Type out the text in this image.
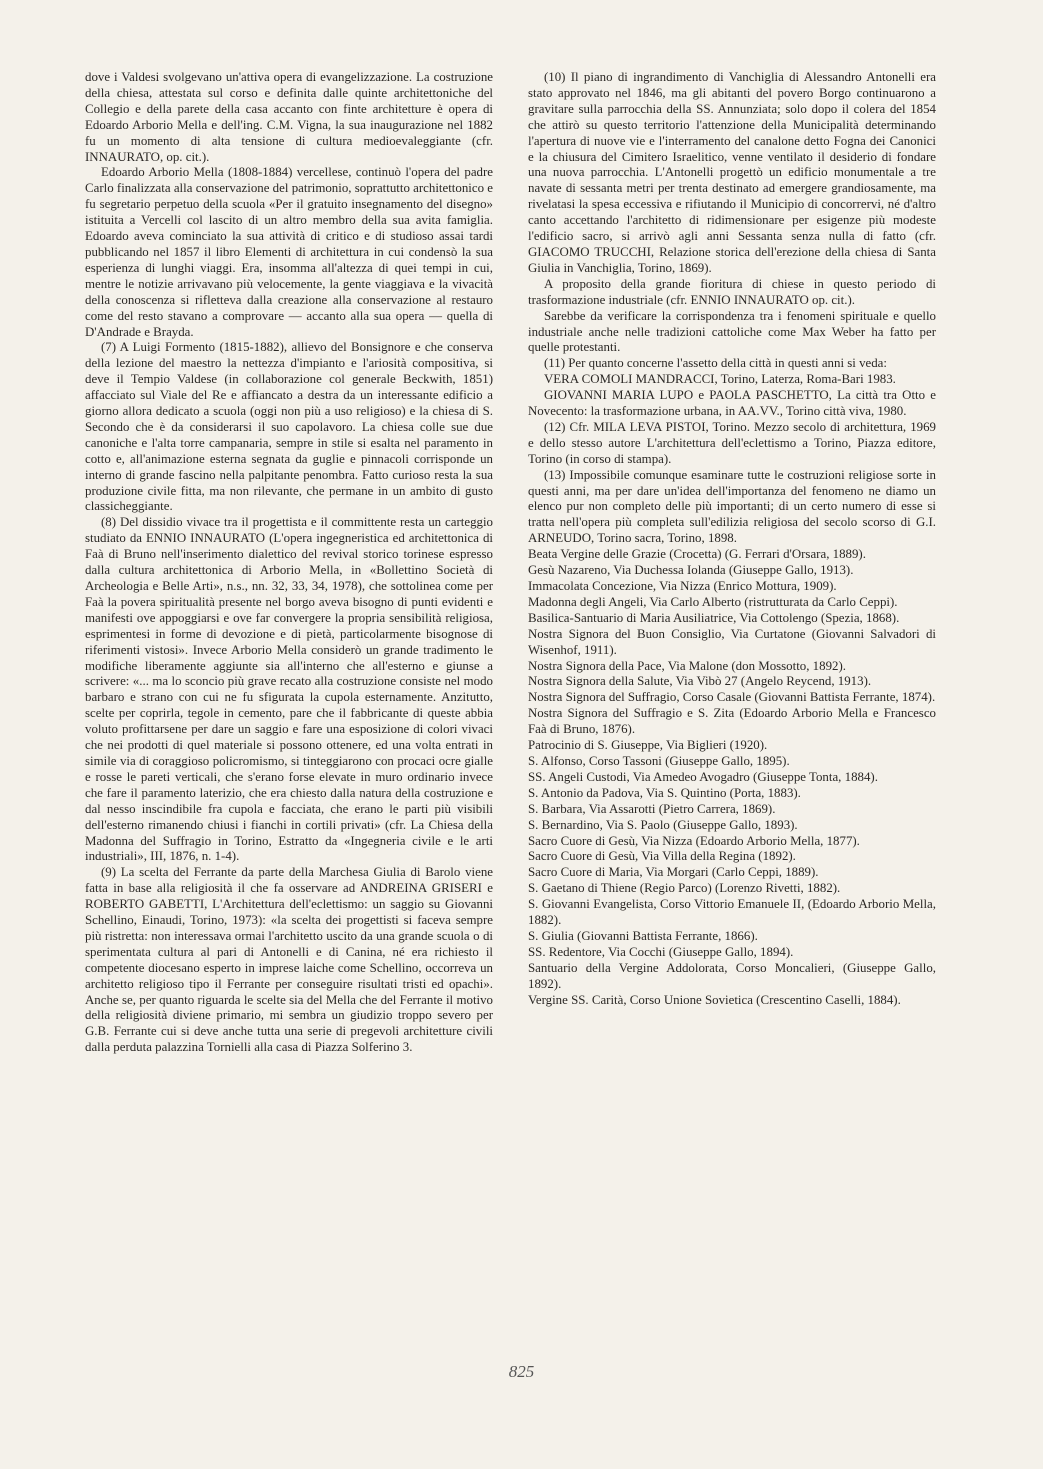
dove i Valdesi svolgevano un'attiva opera di evangelizzazione. La costruzione della chiesa, attestata sul corso e definita dalle quinte architettoniche del Collegio e della parete della casa accanto con finte architetture è opera di Edoardo Arborio Mella e dell'ing. C.M. Vigna, la sua inaugurazione nel 1882 fu un momento di alta tensione di cultura medioevaleggiante (cfr. INNAURATO, op. cit.).

Edoardo Arborio Mella (1808-1884) vercellese, continuò l'opera del padre Carlo finalizzata alla conservazione del patrimonio, soprattutto architettonico e fu segretario perpetuo della scuola «Per il gratuito insegnamento del disegno» istituita a Vercelli col lascito di un altro membro della sua avita famiglia. Edoardo aveva cominciato la sua attività di critico e di studioso assai tardi pubblicando nel 1857 il libro Elementi di architettura in cui condensò la sua esperienza di lunghi viaggi. Era, insomma all'altezza di quei tempi in cui, mentre le notizie arrivavano più velocemente, la gente viaggiava e la vivacità della conoscenza si rifletteva dalla creazione alla conservazione al restauro come del resto stavano a comprovare — accanto alla sua opera — quella di D'Andrade e Brayda.

(7) A Luigi Formento (1815-1882), allievo del Bonsignore e che conserva della lezione del maestro la nettezza d'impianto e l'ariosità compositiva, si deve il Tempio Valdese (in collaborazione col generale Beckwith, 1851) affacciato sul Viale del Re e affiancato a destra da un interessante edificio a giorno allora dedicato a scuola (oggi non più a uso religioso) e la chiesa di S. Secondo che è da considerarsi il suo capolavoro. La chiesa colle sue due canoniche e l'alta torre campanaria, sempre in stile si esalta nel paramento in cotto e, all'animazione esterna segnata da guglie e pinnacoli corrisponde un interno di grande fascino nella palpitante penombra. Fatto curioso resta la sua produzione civile fitta, ma non rilevante, che permane in un ambito di gusto classicheggiante.

(8) Del dissidio vivace tra il progettista e il committente resta un carteggio studiato da ENNIO INNAURATO (L'opera ingegneristica ed architettonica di Faà di Bruno nell'inserimento dialettico del revival storico torinese espresso dalla cultura architettonica di Arborio Mella, in «Bollettino Società di Archeologia e Belle Arti», n.s., nn. 32, 33, 34, 1978), che sottolinea come per Faà la povera spiritualità presente nel borgo aveva bisogno di punti evidenti e manifesti ove appoggiarsi e ove far convergere la propria sensibilità religiosa, esprimentesi in forme di devozione e di pietà, particolarmente bisognose di riferimenti vistosi». Invece Arborio Mella considerò un grande tradimento le modifiche liberamente aggiunte sia all'interno che all'esterno e giunse a scrivere: «... ma lo sconcio più grave recato alla costruzione consiste nel modo barbaro e strano con cui ne fu sfigurata la cupola esternamente. Anzitutto, scelte per coprirla, tegole in cemento, pare che il fabbricante di queste abbia voluto profittarsene per dare un saggio e fare una esposizione di colori vivaci che nei prodotti di quel materiale si possono ottenere, ed una volta entrati in simile via di coraggioso policromismo, si tinteggiarono con procaci ocre gialle e rosse le pareti verticali, che s'erano forse elevate in muro ordinario invece che fare il paramento laterizio, che era chiesto dalla natura della costruzione e dal nesso inscindibile fra cupola e facciata, che erano le parti più visibili dell'esterno rimanendo chiusi i fianchi in cortili privati» (cfr. La Chiesa della Madonna del Suffragio in Torino, Estratto da «Ingegneria civile e le arti industriali», III, 1876, n. 1-4).

(9) La scelta del Ferrante da parte della Marchesa Giulia di Barolo viene fatta in base alla religiosità il che fa osservare ad ANDREINA GRISERI e ROBERTO GABETTI, L'Architettura dell'eclettismo: un saggio su Giovanni Schellino, Einaudi, Torino, 1973): «la scelta dei progettisti si faceva sempre più ristretta: non interessava ormai l'architetto uscito da una grande scuola o di sperimentata cultura al pari di Antonelli e di Canina, né era richiesto il competente diocesano esperto in imprese laiche come Schellino, occorreva un architetto religioso tipo il Ferrante per conseguire risultati tristi ed opachi». Anche se, per quanto riguarda le scelte sia del Mella che del Ferrante il motivo della religiosità diviene primario, mi sembra un giudizio troppo severo per G.B. Ferrante cui si deve anche tutta una serie di pregevoli architetture civili dalla perduta palazzina Tornielli alla casa di Piazza Solferino 3.

(10) Il piano di ingrandimento di Vanchiglia di Alessandro Antonelli era stato approvato nel 1846, ma gli abitanti del povero Borgo continuarono a gravitare sulla parrocchia della SS. Annunziata; solo dopo il colera del 1854 che attirò su questo territorio l'attenzione della Municipalità determinando l'apertura di nuove vie e l'interramento del canalone detto Fogna dei Canonici e la chiusura del Cimitero Israelitico, venne ventilato il desiderio di fondare una nuova parrocchia. L'Antonelli progettò un edificio monumentale a tre navate di sessanta metri per trenta destinato ad emergere grandiosamente, ma rivelatasi la spesa eccessiva e rifiutando il Municipio di concorrervi, né d'altro canto accettando l'architetto di ridimensionare per esigenze più modeste l'edificio sacro, si arrivò agli anni Sessanta senza nulla di fatto (cfr. GIACOMO TRUCCHI, Relazione storica dell'erezione della chiesa di Santa Giulia in Vanchiglia, Torino, 1869).

A proposito della grande fioritura di chiese in questo periodo di trasformazione industriale (cfr. ENNIO INNAURATO op. cit.).

Sarebbe da verificare la corrispondenza tra i fenomeni spirituale e quello industriale anche nelle tradizioni cattoliche come Max Weber ha fatto per quelle protestanti.

(11) Per quanto concerne l'assetto della città in questi anni si veda:

VERA COMOLI MANDRACCI, Torino, Laterza, Roma-Bari 1983.

GIOVANNI MARIA LUPO e PAOLA PASCHETTO, La città tra Otto e Novecento: la trasformazione urbana, in AA.VV., Torino città viva, 1980.

(12) Cfr. MILA LEVA PISTOI, Torino. Mezzo secolo di architettura, 1969 e dello stesso autore L'architettura dell'eclettismo a Torino, Piazza editore, Torino (in corso di stampa).

(13) Impossibile comunque esaminare tutte le costruzioni religiose sorte in questi anni, ma per dare un'idea dell'importanza del fenomeno ne diamo un elenco pur non completo delle più importanti; di un certo numero di esse si tratta nell'opera più completa sull'edilizia religiosa del secolo scorso di G.I. ARNEUDO, Torino sacra, Torino, 1898.

Beata Vergine delle Grazie (Crocetta) (G. Ferrari d'Orsara, 1889).

Gesù Nazareno, Via Duchessa Iolanda (Giuseppe Gallo, 1913).

Immacolata Concezione, Via Nizza (Enrico Mottura, 1909).

Madonna degli Angeli, Via Carlo Alberto (ristrutturata da Carlo Ceppi).

Basilica-Santuario di Maria Ausiliatrice, Via Cottolengo (Spezia, 1868).

Nostra Signora del Buon Consiglio, Via Curtatone (Giovanni Salvadori di Wisenhof, 1911).

Nostra Signora della Pace, Via Malone (don Mossotto, 1892).

Nostra Signora della Salute, Via Vibò 27 (Angelo Reycend, 1913).

Nostra Signora del Suffragio, Corso Casale (Giovanni Battista Ferrante, 1874).

Nostra Signora del Suffragio e S. Zita (Edoardo Arborio Mella e Francesco Faà di Bruno, 1876).

Patrocinio di S. Giuseppe, Via Biglieri (1920).

S. Alfonso, Corso Tassoni (Giuseppe Gallo, 1895).

SS. Angeli Custodi, Via Amedeo Avogadro (Giuseppe Tonta, 1884).

S. Antonio da Padova, Via S. Quintino (Porta, 1883).

S. Barbara, Via Assarotti (Pietro Carrera, 1869).

S. Bernardino, Via S. Paolo (Giuseppe Gallo, 1893).

Sacro Cuore di Gesù, Via Nizza (Edoardo Arborio Mella, 1877).

Sacro Cuore di Gesù, Via Villa della Regina (1892).

Sacro Cuore di Maria, Via Morgari (Carlo Ceppi, 1889).

S. Gaetano di Thiene (Regio Parco) (Lorenzo Rivetti, 1882).

S. Giovanni Evangelista, Corso Vittorio Emanuele II, (Edoardo Arborio Mella, 1882).

S. Giulia (Giovanni Battista Ferrante, 1866).

SS. Redentore, Via Cocchi (Giuseppe Gallo, 1894).

Santuario della Vergine Addolorata, Corso Moncalieri, (Giuseppe Gallo, 1892).

Vergine SS. Carità, Corso Unione Sovietica (Crescentino Caselli, 1884).

825
